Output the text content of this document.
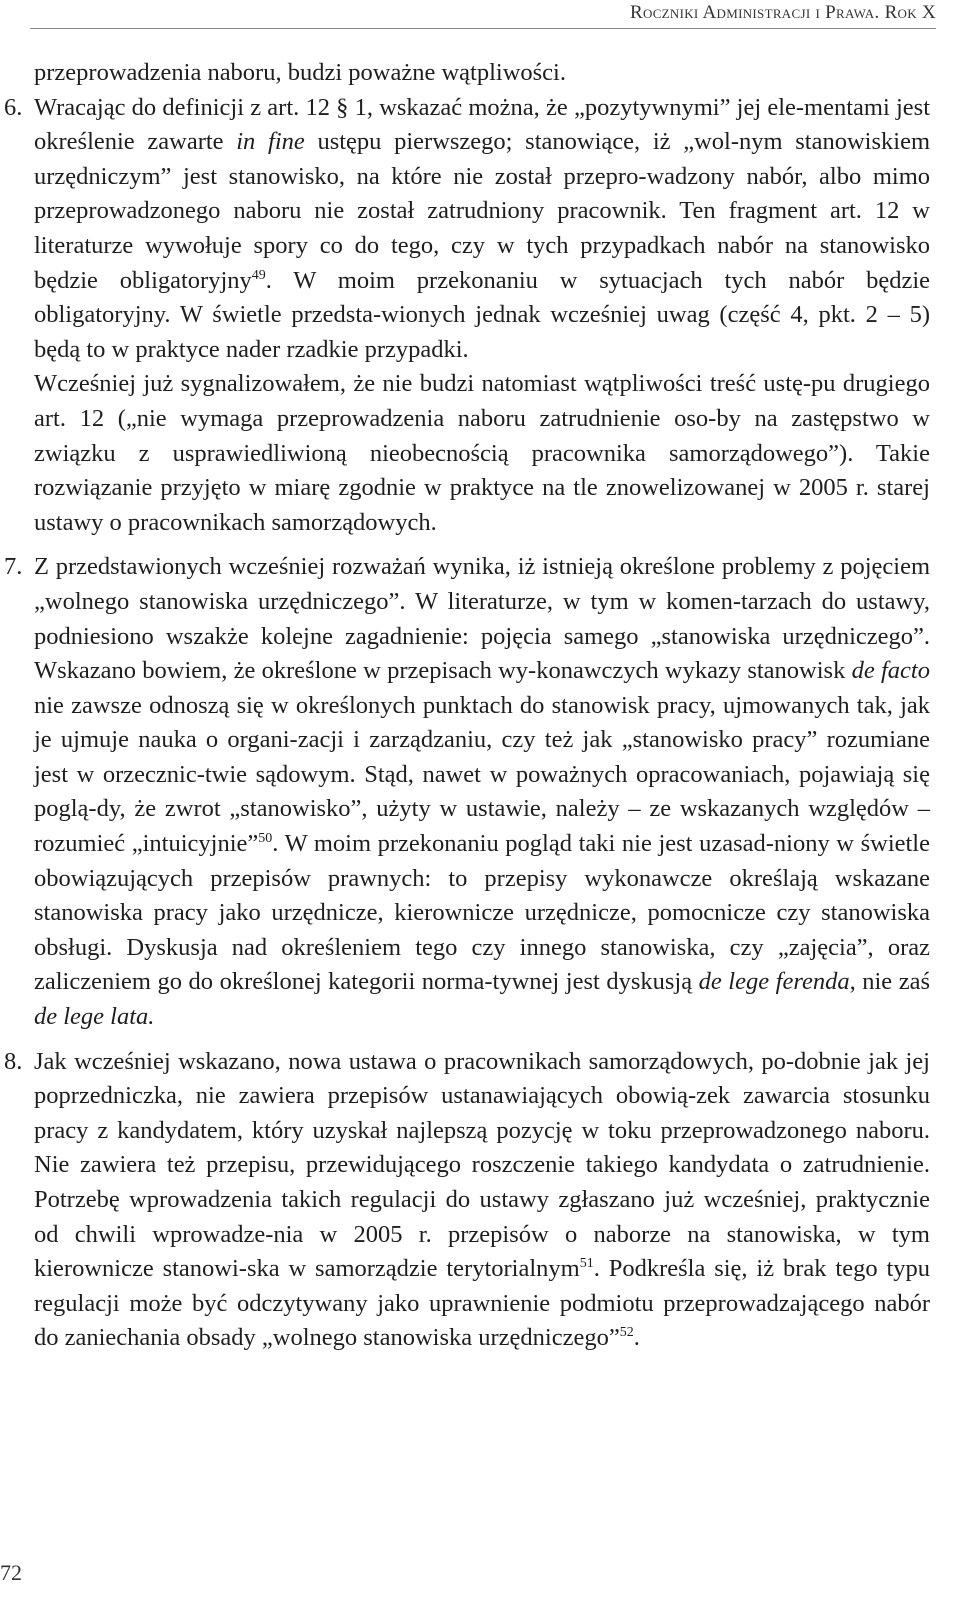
Roczniki Administracji i Prawa. Rok X

przeprowadzenia naboru, budzi poważne wątpliwości.

6. Wracając do definicji z art. 12 § 1, wskazać można, że „pozytywnymi” jej ele-mentami jest określenie zawarte in fine ustępu pierwszego; stanowiące, iż „wol-nym stanowiskiem urzędniczym” jest stanowisko, na które nie został przepro-wadzony nabór, albo mimo przeprowadzonego naboru nie został zatrudniony pracownik. Ten fragment art. 12 w literaturze wywołuje spory co do tego, czy w tych przypadkach nabór na stanowisko będzie obligatoryjny$^{49}$. W moim przekonaniu w sytuacjach tych nabór będzie obligatoryjny. W świetle przedsta-wionych jednak wcześniej uwag (część 4, pkt. 2 – 5) będą to w praktyce nader rzadkie przypadki.

Wcześniej już sygnalizowałem, że nie budzi natomiast wątpliwości treść ustę-pu drugiego art. 12 („nie wymaga przeprowadzenia naboru zatrudnienie oso-by na zastępstwo w związku z usprawiedliwioną nieobecnością pracownika samorządowego”). Takie rozwiązanie przyjęto w miarę zgodnie w praktyce na tle znowelizowanej w 2005 r. starej ustawy o pracownikach samorządowych.

7. Z przedstawionych wcześniej rozważań wynika, iż istnieją określone problemy z pojęciem „wolnego stanowiska urzędniczego”. W literaturze, w tym w komen-tarzach do ustawy, podniesiono wszakże kolejne zagadnienie: pojęcia samego „stanowiska urzędniczego”. Wskazano bowiem, że określone w przepisach wy-konawczych wykazy stanowisk de facto nie zawsze odnoszą się w określonych punktach do stanowisk pracy, ujmowanych tak, jak je ujmuje nauka o organi-zacji i zarządzaniu, czy też jak „stanowisko pracy” rozumiane jest w orzecznic-twie sądowym. Stąd, nawet w poważnych opracowaniach, pojawiają się poglą-dy, że zwrot „stanowisko”, użyty w ustawie, należy – ze wskazanych względów – rozumieć „intuicyjnie”$^{50}$. W moim przekonaniu pogląd taki nie jest uzasad-niony w świetle obowiązujących przepisów prawnych: to przepisy wykonawcze określają wskazane stanowiska pracy jako urzędnicze, kierownicze urzędnicze, pomocnicze czy stanowiska obsługi. Dyskusja nad określeniem tego czy innego stanowiska, czy „zajęcia”, oraz zaliczeniem go do określonej kategorii norma-tywnej jest dyskusją de lege ferenda, nie zaś de lege lata.

8. Jak wcześniej wskazano, nowa ustawa o pracownikach samorządowych, po-dobnie jak jej poprzedniczka, nie zawiera przepisów ustanawiających obowią-zek zawarcia stosunku pracy z kandydatem, który uzyskał najlepszą pozycję w toku przeprowadzonego naboru. Nie zawiera też przepisu, przewidującego roszczenie takiego kandydata o zatrudnienie. Potrzebę wprowadzenia takich regulacji do ustawy zgłaszano już wcześniej, praktycznie od chwili wprowadze-nia w 2005 r. przepisów o naborze na stanowiska, w tym kierownicze stanowi-ska w samorządzie terytorialnym$^{51}$. Podkreśla się, iż brak tego typu regulacji może być odczytywany jako uprawnienie podmiotu przeprowadzającego nabór do zaniechania obsady „wolnego stanowiska urzędniczego”$^{52}$.

72
